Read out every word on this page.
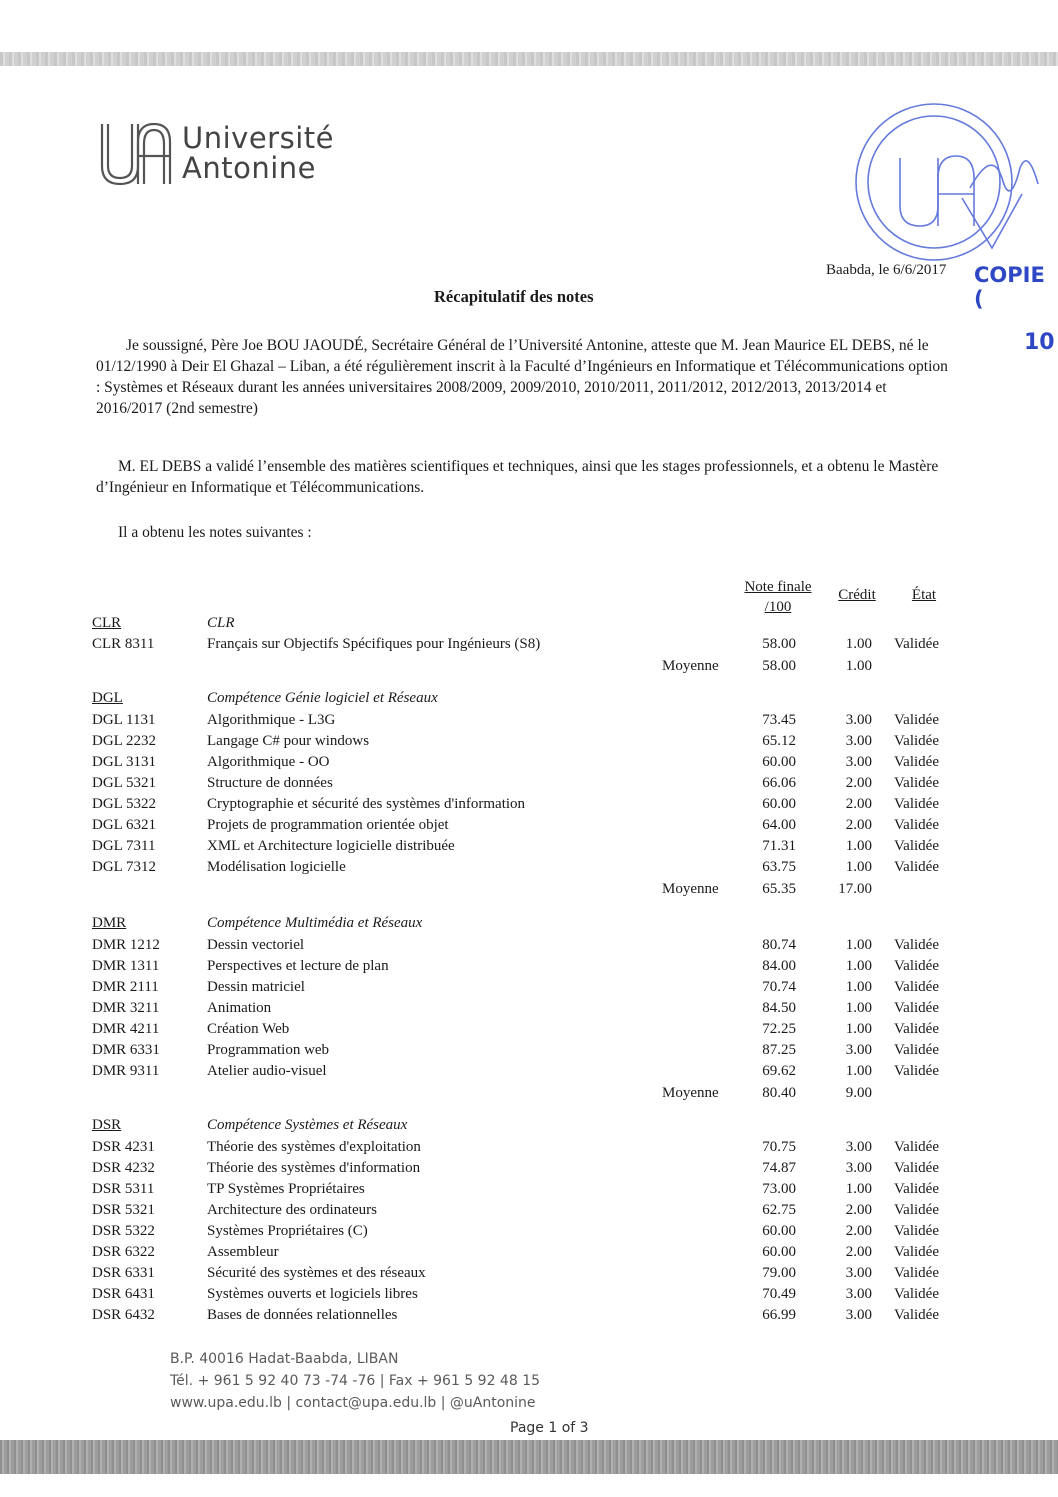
Université
Antonine
COPIE (
10
Baabda, le 6/6/2017
Récapitulatif des notes
Je soussigné, Père Joe BOU JAOUDÉ, Secrétaire Général de l’Université Antonine, atteste que M. Jean Maurice EL DEBS, né le 01/12/1990 à Deir El Ghazal – Liban, a été régulièrement inscrit à la Faculté d’Ingénieurs en Informatique et Télécommunications option : Systèmes et Réseaux durant les années universitaires 2008/2009, 2009/2010, 2010/2011, 2011/2012, 2012/2013, 2013/2014 et 2016/2017 (2nd semestre)
M. EL DEBS a validé l’ensemble des matières scientifiques et techniques, ainsi que les stages professionnels, et a obtenu le Mastère d’Ingénieur en Informatique et Télécommunications.
Il a obtenu les notes suivantes :
Note finale
/100
Crédit	État
CLR	CLR
CLR 8311	Français sur Objectifs Spécifiques pour Ingénieurs (S8)	58.00	1.00 Validée
Moyenne	58.00	1.00
DGL	Compétence Génie logiciel et Réseaux
DGL 1131	Algorithmique - L3G	73.45	3.00 Validée
DGL 2232	Langage C# pour windows	65.12	3.00 Validée
DGL 3131	Algorithmique - OO	60.00	3.00 Validée
DGL 5321	Structure de données	66.06	2.00 Validée
DGL 5322	Cryptographie et sécurité des systèmes d'information	60.00	2.00 Validée
DGL 6321	Projets de programmation orientée objet	64.00	2.00 Validée
DGL 7311	XML et Architecture logicielle distribuée	71.31	1.00 Validée
DGL 7312	Modélisation logicielle	63.75	1.00 Validée
Moyenne	65.35	17.00
DMR	Compétence Multimédia et Réseaux
DMR 1212	Dessin vectoriel	80.74	1.00 Validée
DMR 1311	Perspectives et lecture de plan	84.00	1.00 Validée
DMR 2111	Dessin matriciel	70.74	1.00 Validée
DMR 3211	Animation	84.50	1.00 Validée
DMR 4211	Création Web	72.25	1.00 Validée
DMR 6331	Programmation web	87.25	3.00 Validée
DMR 9311	Atelier audio-visuel	69.62	1.00 Validée
Moyenne	80.40	9.00
DSR	Compétence Systèmes et Réseaux
DSR 4231	Théorie des systèmes d'exploitation	70.75	3.00 Validée
DSR 4232	Théorie des systèmes d'information	74.87	3.00 Validée
DSR 5311	TP Systèmes Propriétaires	73.00	1.00 Validée
DSR 5321	Architecture des ordinateurs	62.75	2.00 Validée
DSR 5322	Systèmes Propriétaires (C)	60.00	2.00 Validée
DSR 6322	Assembleur	60.00	2.00 Validée
DSR 6331	Sécurité des systèmes et des réseaux	79.00	3.00 Validée
DSR 6431	Systèmes ouverts et logiciels libres	70.49	3.00 Validée
DSR 6432	Bases de données relationnelles	66.99	3.00 Validée
B.P. 40016 Hadat-Baabda, LIBAN
Tél. + 961 5 92 40 73 -74 -76 | Fax + 961 5 92 48 15
www.upa.edu.lb | contact@upa.edu.lb | @uAntonine
Page 1 of 3
